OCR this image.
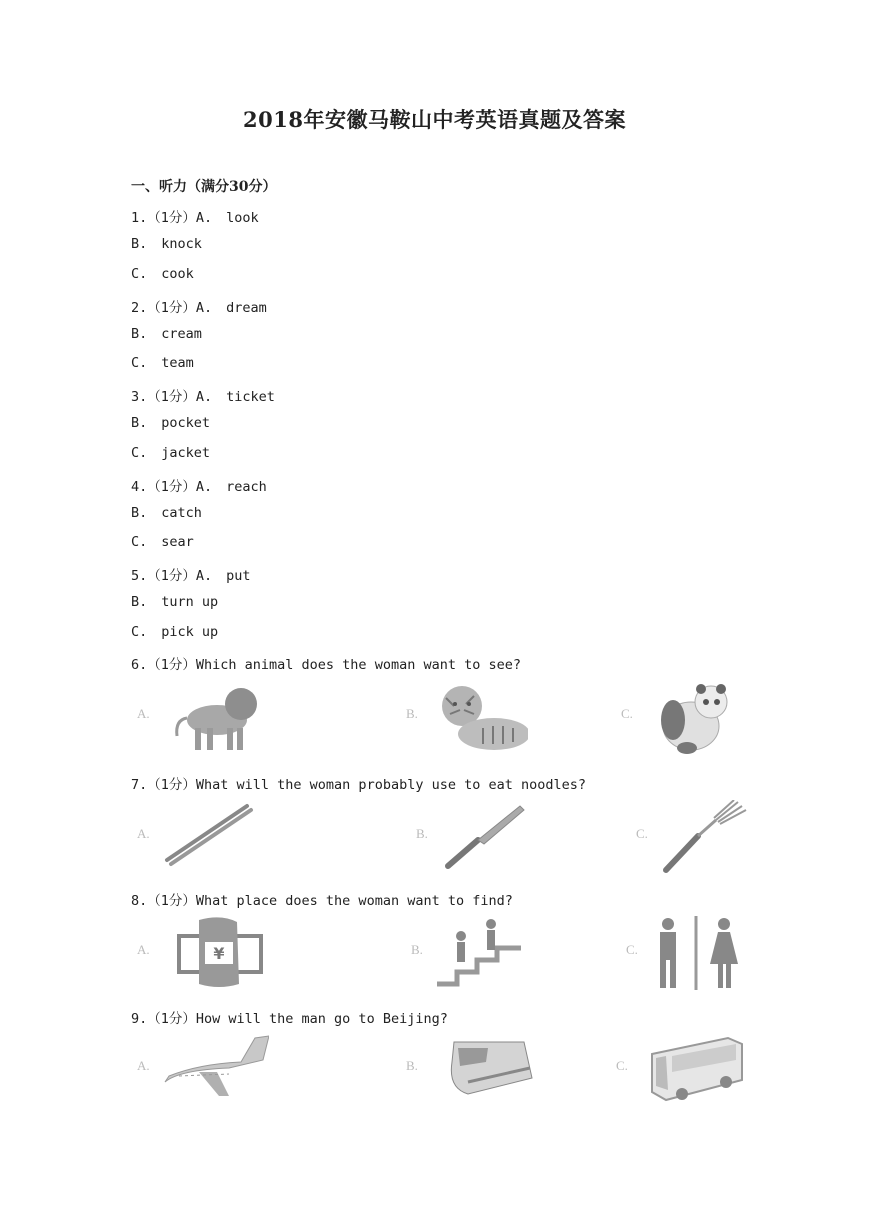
2018年安徽马鞍山中考英语真题及答案
一、听力（满分30分）
1.（1分）A. look
B. knock
C. cook
2.（1分）A. dream
B. cream
C. team
3.（1分）A. ticket
B. pocket
C. jacket
4.（1分）A. reach
B. catch
C. sear
5.（1分）A. put
B. turn up
C. pick up
6.（1分）Which animal does the woman want to see?
A.	B.	C.
7.（1分）What will the woman probably use to eat noodles?
A.	B.	C.
8.（1分）What place does the woman want to find?
A.	¥	B.	C.
9.（1分）How will the man go to Beijing?
A.	B.	C.
